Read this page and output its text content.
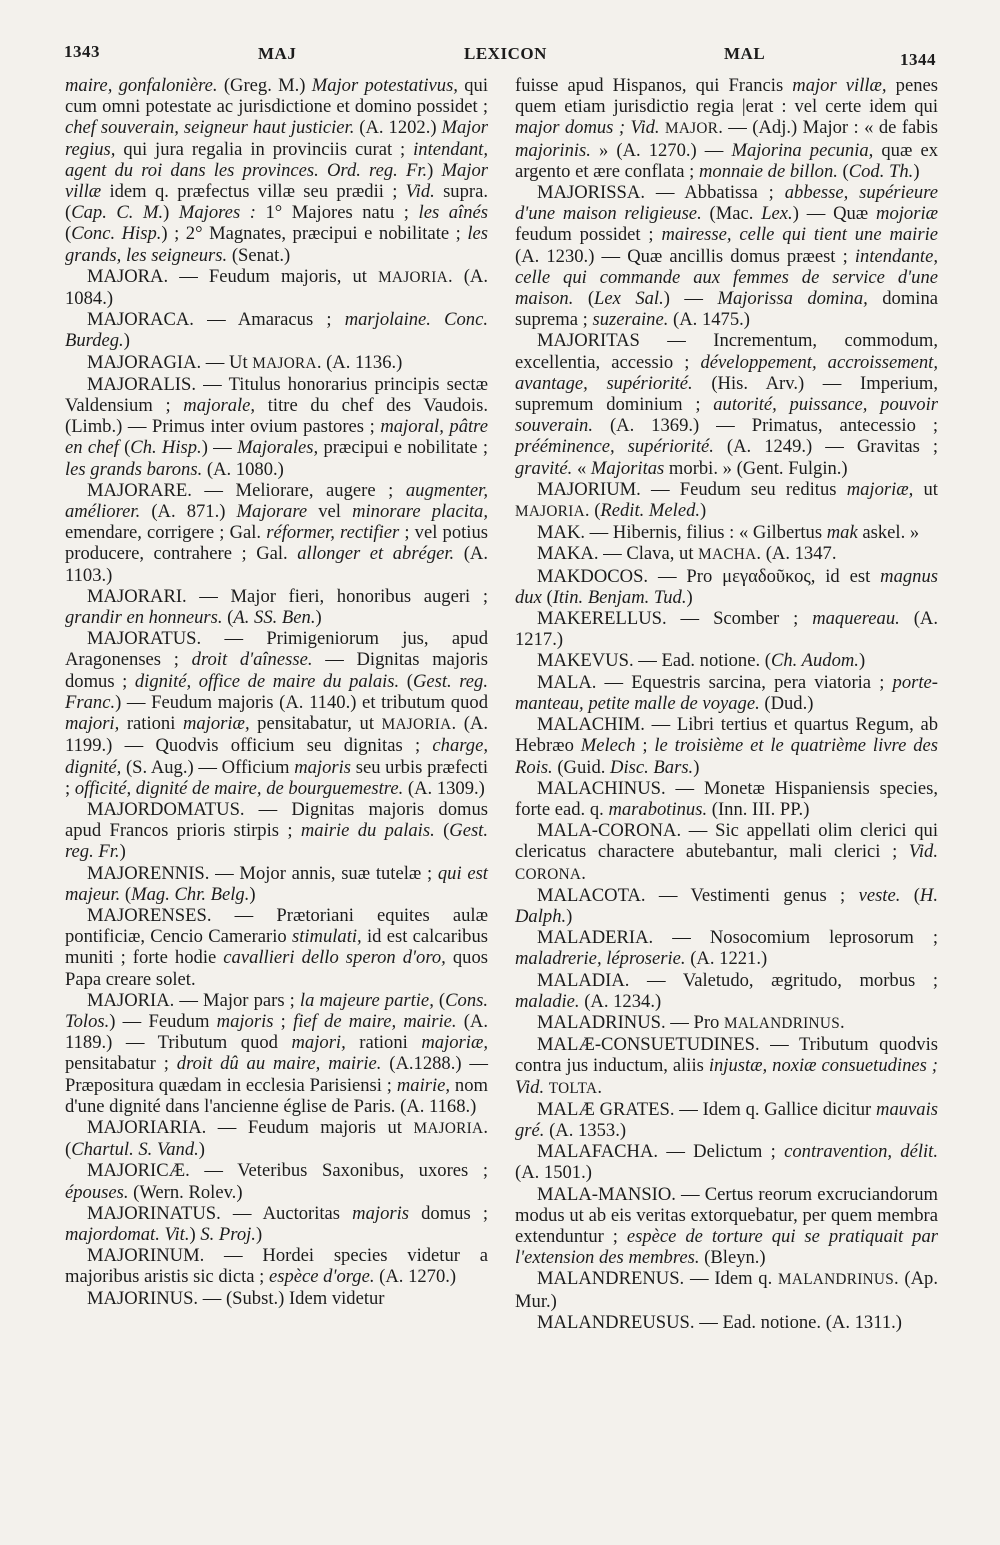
1343	MAJ	LEXICON	MAL	1344

maire, gonfalonière. (Greg. M.) Major potestativus, qui cum omni potestate ac jurisdictione et domino possidet ; chef souverain, seigneur haut justicier. (A. 1202.) Major regius, qui jura regalia in provinciis curat ; intendant, agent du roi dans les provinces. Ord. reg. Fr.) Major villæ idem q. præfectus villæ seu prædii ; Vid. supra. (Cap. C. M.) Majores : 1° Majores natu ; les aînés (Conc. Hisp.) ; 2° Magnates, præcipui e nobilitate ; les grands, les seigneurs. (Senat.)

MAJORA. — Feudum majoris, ut MAJORIA. (A. 1084.)

MAJORACA. — Amaracus ; marjolaine. Conc. Burdeg.)

MAJORAGIA. — Ut MAJORA. (A. 1136.)

MAJORALIS. — Titulus honorarius principis sectæ Valdensium ; majorale, titre du chef des Vaudois. (Limb.) — Primus inter ovium pastores ; majoral, pâtre en chef (Ch. Hisp.) — Majorales, præcipui e nobilitate ; les grands barons. (A. 1080.)

MAJORARE. — Meliorare, augere ; augmenter, améliorer. (A. 871.) Majorare vel minorare placita, emendare, corrigere ; Gal. réformer, rectifier ; vel potius producere, contrahere ; Gal. allonger et abréger. (A. 1103.)

MAJORARI. — Major fieri, honoribus augeri ; grandir en honneurs. (A. SS. Ben.)

MAJORATUS. — Primigeniorum jus, apud Aragonenses ; droit d'aînesse. — Dignitas majoris domus ; dignité, office de maire du palais. (Gest. reg. Franc.) — Feudum majoris (A. 1140.) et tributum quod majori, rationi majoriæ, pensitabatur, ut MAJORIA. (A. 1199.) — Quodvis officium seu dignitas ; charge, dignité, (S. Aug.) — Officium majoris seu urbis præfecti ; officité, dignité de maire, de bourguemestre. (A. 1309.)

MAJORDOMATUS. — Dignitas majoris domus apud Francos prioris stirpis ; mairie du palais. (Gest. reg. Fr.)

MAJORENNIS. — Mojor annis, suæ tutelæ ; qui est majeur. (Mag. Chr. Belg.)

MAJORENSES. — Prætoriani equites aulæ pontificiæ, Cencio Camerario stimulati, id est calcaribus muniti ; forte hodie cavallieri dello speron d'oro, quos Papa creare solet.

MAJORIA. — Major pars ; la majeure partie, (Cons. Tolos.) — Feudum majoris ; fief de maire, mairie. (A. 1189.) — Tributum quod majori, rationi majoriæ, pensitabatur ; droit dû au maire, mairie. (A.1288.) — Præpositura quædam in ecclesia Parisiensi ; mairie, nom d'une dignité dans l'ancienne église de Paris. (A. 1168.)

MAJORIARIA. — Feudum majoris ut MAJORIA. (Chartul. S. Vand.)

MAJORICÆ. — Veteribus Saxonibus, uxores ; épouses. (Wern. Rolev.)

MAJORINATUS. — Auctoritas majoris domus ; majordomat. Vit.) S. Proj.)

MAJORINUM. — Hordei species videtur a majoribus aristis sic dicta ; espèce d'orge. (A. 1270.)

MAJORINUS. — (Subst.) Idem videtur

fuisse apud Hispanos, qui Francis major villæ, penes quem etiam jurisdictio regia |erat : vel certe idem qui major domus ; Vid. MAJOR. — (Adj.) Major : « de fabis majorinis. » (A. 1270.) — Majorina pecunia, quæ ex argento et ære conflata ; monnaie de billon. (Cod. Th.)

MAJORISSA. — Abbatissa ; abbesse, supérieure d'une maison religieuse. (Mac. Lex.) — Quæ mojoriæ feudum possidet ; mairesse, celle qui tient une mairie (A. 1230.) — Quæ ancillis domus præest ; intendante, celle qui commande aux femmes de service d'une maison. (Lex Sal.) — Majorissa domina, domina suprema ; suzeraine. (A. 1475.)

MAJORITAS — Incrementum, commodum, excellentia, accessio ; développement, accroissement, avantage, supériorité. (His. Arv.) — Imperium, supremum dominium ; autorité, puissance, pouvoir souverain. (A. 1369.) — Primatus, antecessio ; prééminence, supériorité. (A. 1249.) — Gravitas ; gravité. « Majoritas morbi. » (Gent. Fulgin.)

MAJORIUM. — Feudum seu reditus majoriæ, ut MAJORIA. (Redit. Meled.)

MAK. — Hibernis, filius : « Gilbertus mak askel. »

MAKA. — Clava, ut MACHA. (A. 1347.

MAKDOCOS. — Pro μεγαδοῦκος, id est magnus dux (Itin. Benjam. Tud.)

MAKERELLUS. — Scomber ; maquereau. (A. 1217.)

MAKEVUS. — Ead. notione. (Ch. Audom.)

MALA. — Equestris sarcina, pera viatoria ; porte-manteau, petite malle de voyage. (Dud.)

MALACHIM. — Libri tertius et quartus Regum, ab Hebræo Melech ; le troisième et le quatrième livre des Rois. (Guid. Disc. Bars.)

MALACHINUS. — Monetæ Hispaniensis species, forte ead. q. marabotinus. (Inn. III. PP.)

MALA-CORONA. — Sic appellati olim clerici qui clericatus charactere abutebantur, mali clerici ; Vid. CORONA.

MALACOTA. — Vestimenti genus ; veste. (H. Dalph.)

MALADERIA. — Nosocomium leprosorum ; maladrerie, léproserie. (A. 1221.)

MALADIA. — Valetudo, ægritudo, morbus ; maladie. (A. 1234.)

MALADRINUS. — Pro MALANDRINUS.

MALÆ-CONSUETUDINES. — Tributum quodvis contra jus inductum, aliis injustæ, noxiæ consuetudines ; Vid. TOLTA.

MALÆ GRATES. — Idem q. Gallice dicitur mauvais gré. (A. 1353.)

MALAFACHA. — Delictum ; contravention, délit. (A. 1501.)

MALA-MANSIO. — Certus reorum excruciandorum modus ut ab eis veritas extorquebatur, per quem membra extenduntur ; espèce de torture qui se pratiquait par l'extension des membres. (Bleyn.)

MALANDRENUS. — Idem q. MALANDRINUS. (Ap. Mur.)

MALANDREUSUS. — Ead. notione. (A. 1311.)
